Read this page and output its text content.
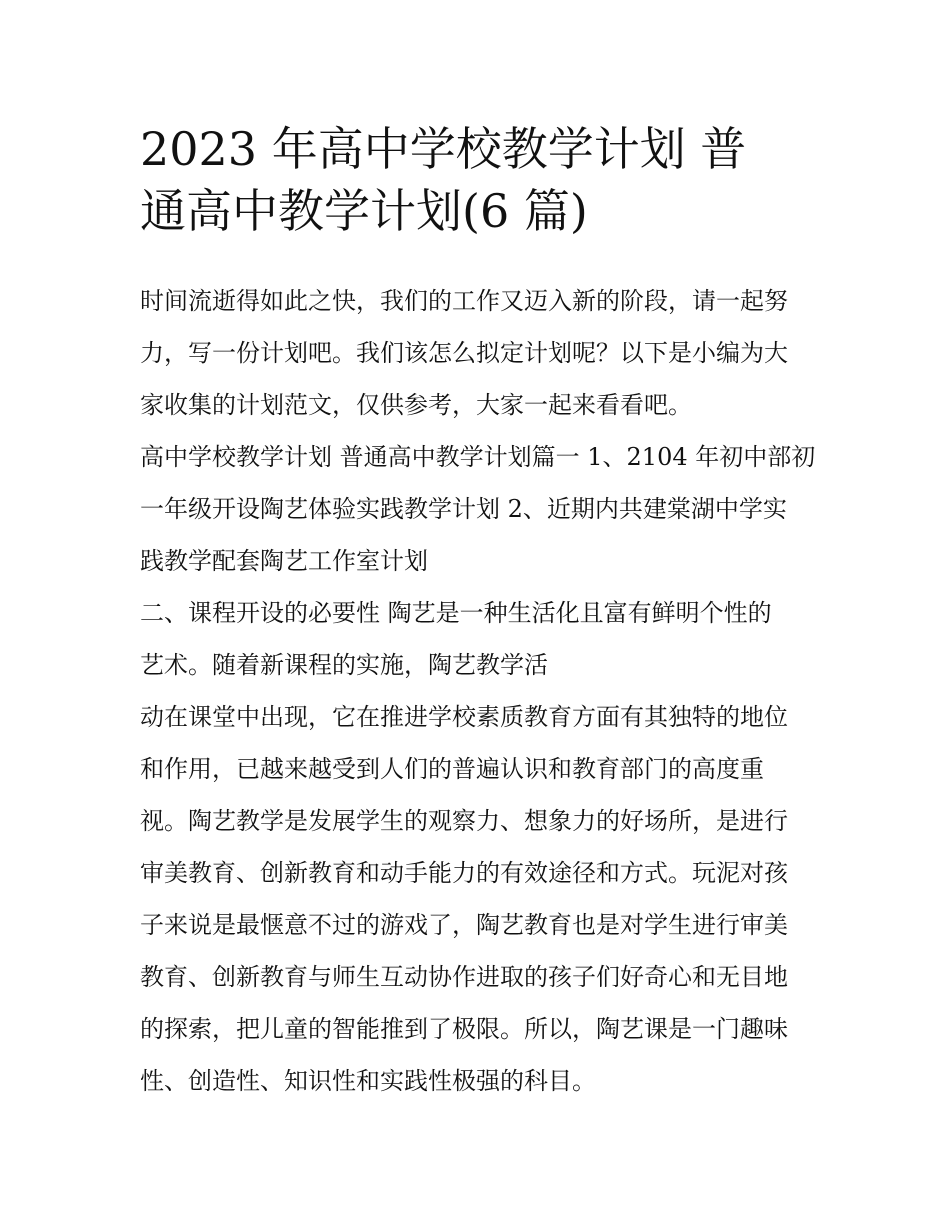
2023 年高中学校教学计划 普
通高中教学计划(6 篇)
时间流逝得如此之快，我们的工作又迈入新的阶段，请一起努
力，写一份计划吧。我们该怎么拟定计划呢？以下是小编为大
家收集的计划范文，仅供参考，大家一起来看看吧。
高中学校教学计划 普通高中教学计划篇一 1、2104 年初中部初
一年级开设陶艺体验实践教学计划 2、近期内共建棠湖中学实
践教学配套陶艺工作室计划
二、课程开设的必要性 陶艺是一种生活化且富有鲜明个性的
艺术。随着新课程的实施，陶艺教学活
动在课堂中出现，它在推进学校素质教育方面有其独特的地位
和作用，已越来越受到人们的普遍认识和教育部门的高度重
视。陶艺教学是发展学生的观察力、想象力的好场所，是进行
审美教育、创新教育和动手能力的有效途径和方式。玩泥对孩
子来说是最惬意不过的游戏了，陶艺教育也是对学生进行审美
教育、创新教育与师生互动协作进取的孩子们好奇心和无目地
的探索，把儿童的智能推到了极限。所以，陶艺课是一门趣味
性、创造性、知识性和实践性极强的科目。
